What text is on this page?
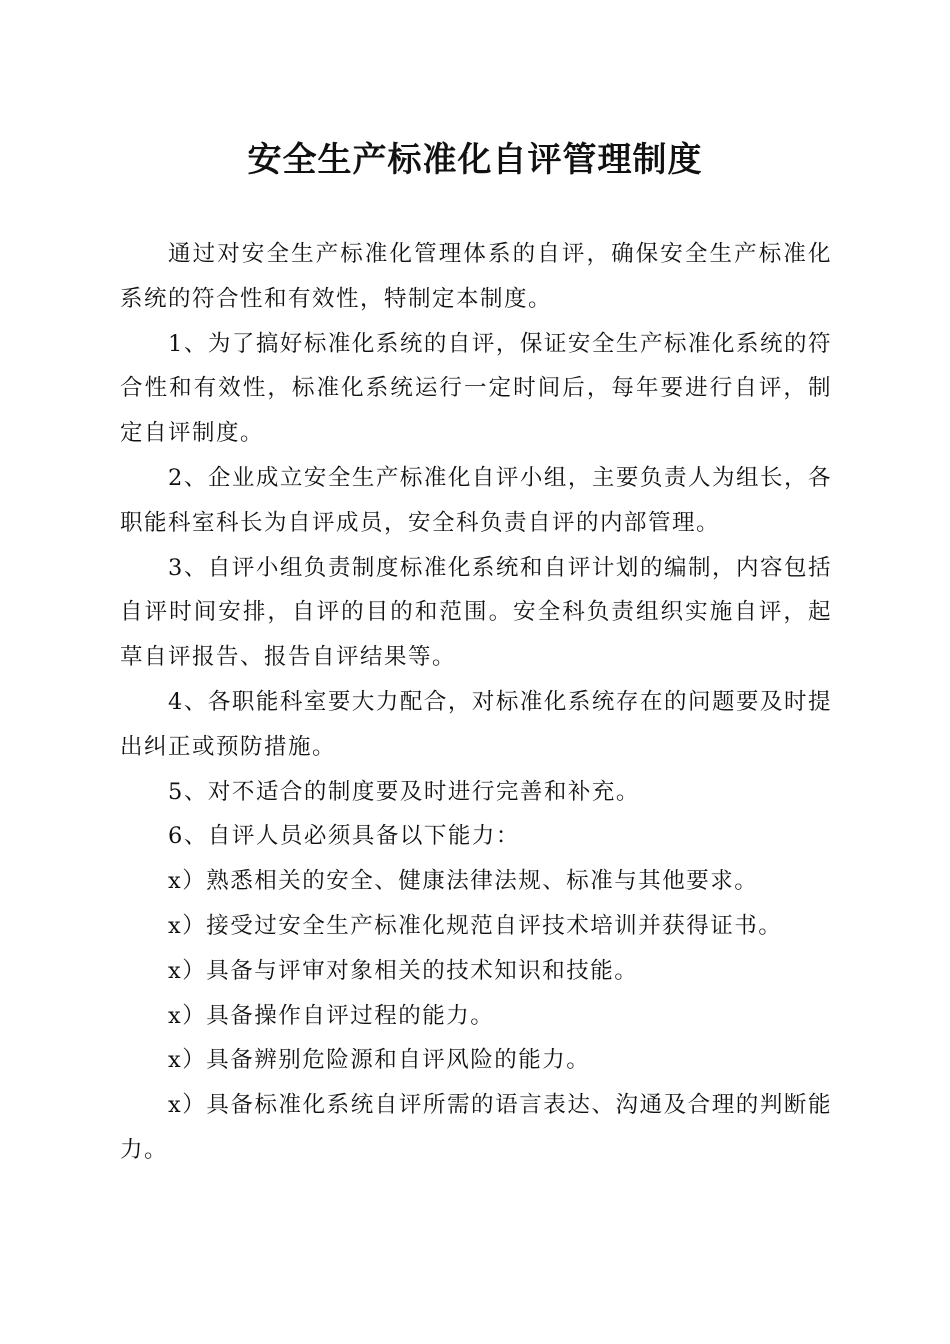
安全生产标准化自评管理制度

通过对安全生产标准化管理体系的自评，确保安全生产标准化系统的符合性和有效性，特制定本制度。

1、为了搞好标准化系统的自评，保证安全生产标准化系统的符合性和有效性，标准化系统运行一定时间后，每年要进行自评，制定自评制度。

2、企业成立安全生产标准化自评小组，主要负责人为组长，各职能科室科长为自评成员，安全科负责自评的内部管理。

3、自评小组负责制度标准化系统和自评计划的编制，内容包括自评时间安排，自评的目的和范围。安全科负责组织实施自评，起草自评报告、报告自评结果等。

4、各职能科室要大力配合，对标准化系统存在的问题要及时提出纠正或预防措施。

5、对不适合的制度要及时进行完善和补充。

6、自评人员必须具备以下能力：

x）熟悉相关的安全、健康法律法规、标准与其他要求。

x）接受过安全生产标准化规范自评技术培训并获得证书。

x）具备与评审对象相关的技术知识和技能。

x）具备操作自评过程的能力。

x）具备辨别危险源和自评风险的能力。

x）具备标准化系统自评所需的语言表达、沟通及合理的判断能力。
